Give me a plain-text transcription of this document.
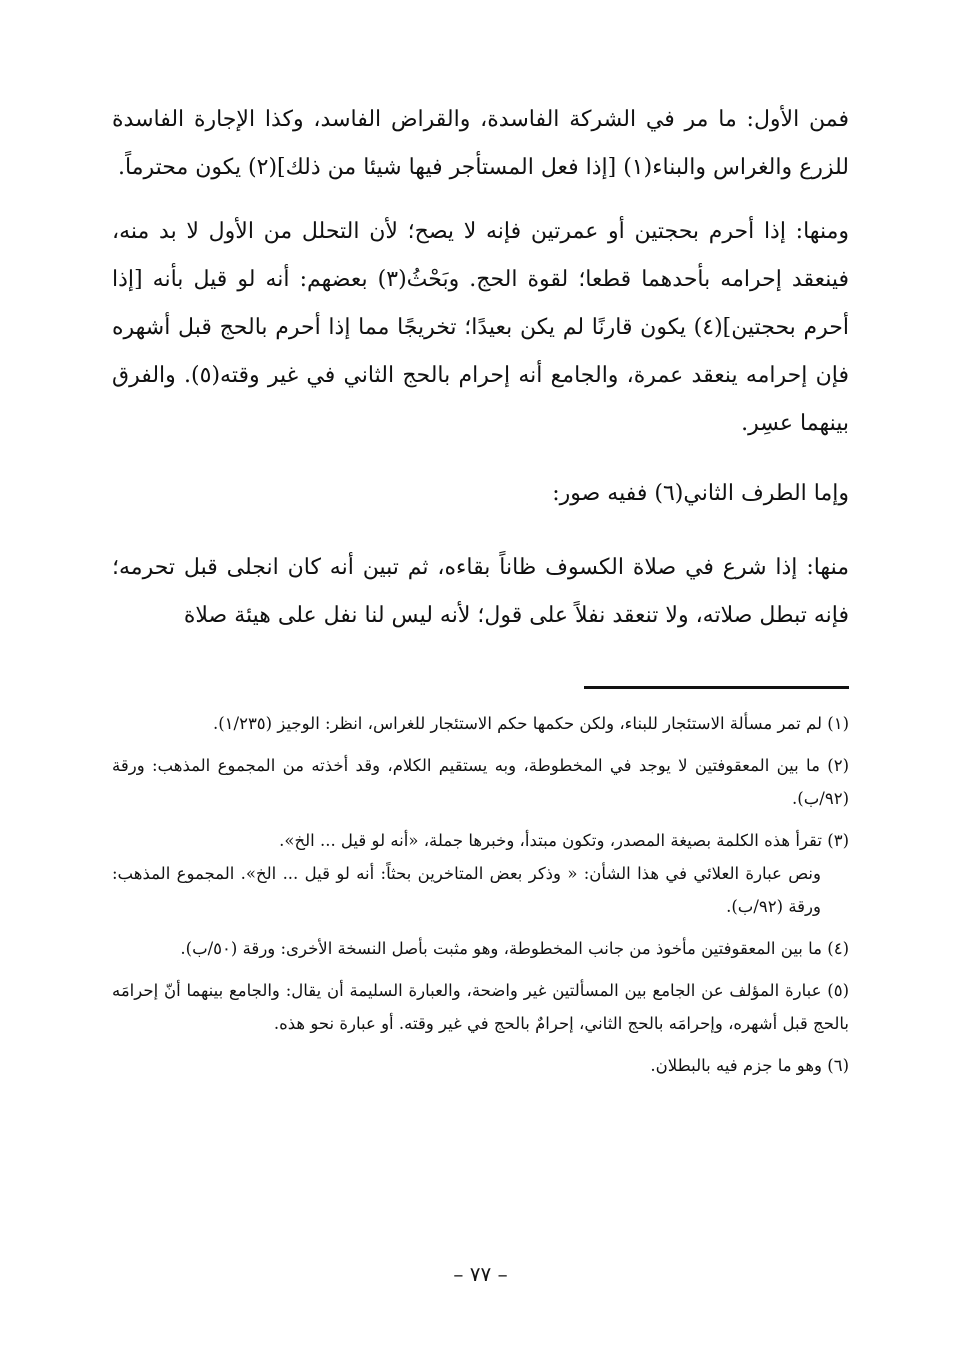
فمن الأول: ما مر في الشركة الفاسدة، والقراض الفاسد، وكذا الإجارة الفاسدة للزرع والغراس والبناء(١) [إذا فعل المستأجر فيها شيئا من ذلك](٢) يكون محترماً.

ومنها: إذا أحرم بحجتين أو عمرتين فإنه لا يصح؛ لأن التحلل من الأول لا بد منه، فينعقد إحرامه بأحدهما قطعا؛ لقوة الحج. وبَحْثُ(٣) بعضهم: أنه لو قيل بأنه [إذا أحرم بحجتين](٤) يكون قارنًا لم يكن بعيدًا؛ تخريجًا مما إذا أحرم بالحج قبل أشهره فإن إحرامه ينعقد عمرة، والجامع أنه إحرام بالحج الثاني في غير وقته(٥). والفرق بينهما عسِر.

وإما الطرف الثاني(٦) ففيه صور:

منها: إذا شرع في صلاة الكسوف ظاناً بقاءه، ثم تبين أنه كان انجلى قبل تحرمه؛ فإنه تبطل صلاته، ولا تنعقد نفلاً على قول؛ لأنه ليس لنا نفل على هيئة صلاة

(١) لم تمر مسألة الاستئجار للبناء، ولكن حكمها حكم الاستئجار للغراس، انظر: الوجيز (١/٢٣٥).
(٢) ما بين المعقوفتين لا يوجد في المخطوطة، وبه يستقيم الكلام، وقد أخذته من المجموع المذهب: ورقة (٩٢/ب).
(٣) تقرأ هذه الكلمة بصيغة المصدر، وتكون مبتدأ، وخبرها جملة، «أنه لو قيل ... الخ».
ونص عبارة العلائي في هذا الشأن: « وذكر بعض المتاخرين بحثاً: أنه لو قيل ... الخ». المجموع المذهب: ورقة (٩٢/ب).
(٤) ما بين المعقوفتين مأخوذ من جانب المخطوطة، وهو مثبت بأصل النسخة الأخرى: ورقة (٥٠/ب).
(٥) عبارة المؤلف عن الجامع بين المسألتين غير واضحة، والعبارة السليمة أن يقال: والجامع بينهما أنّ إحرامَه بالحج قبل أشهره، وإحرامَه بالحج الثاني، إحرامٌ بالحج في غير وقته. أو عبارة نحو هذه.
(٦) وهو ما جزم فيه بالبطلان.
– ٧٧ –
